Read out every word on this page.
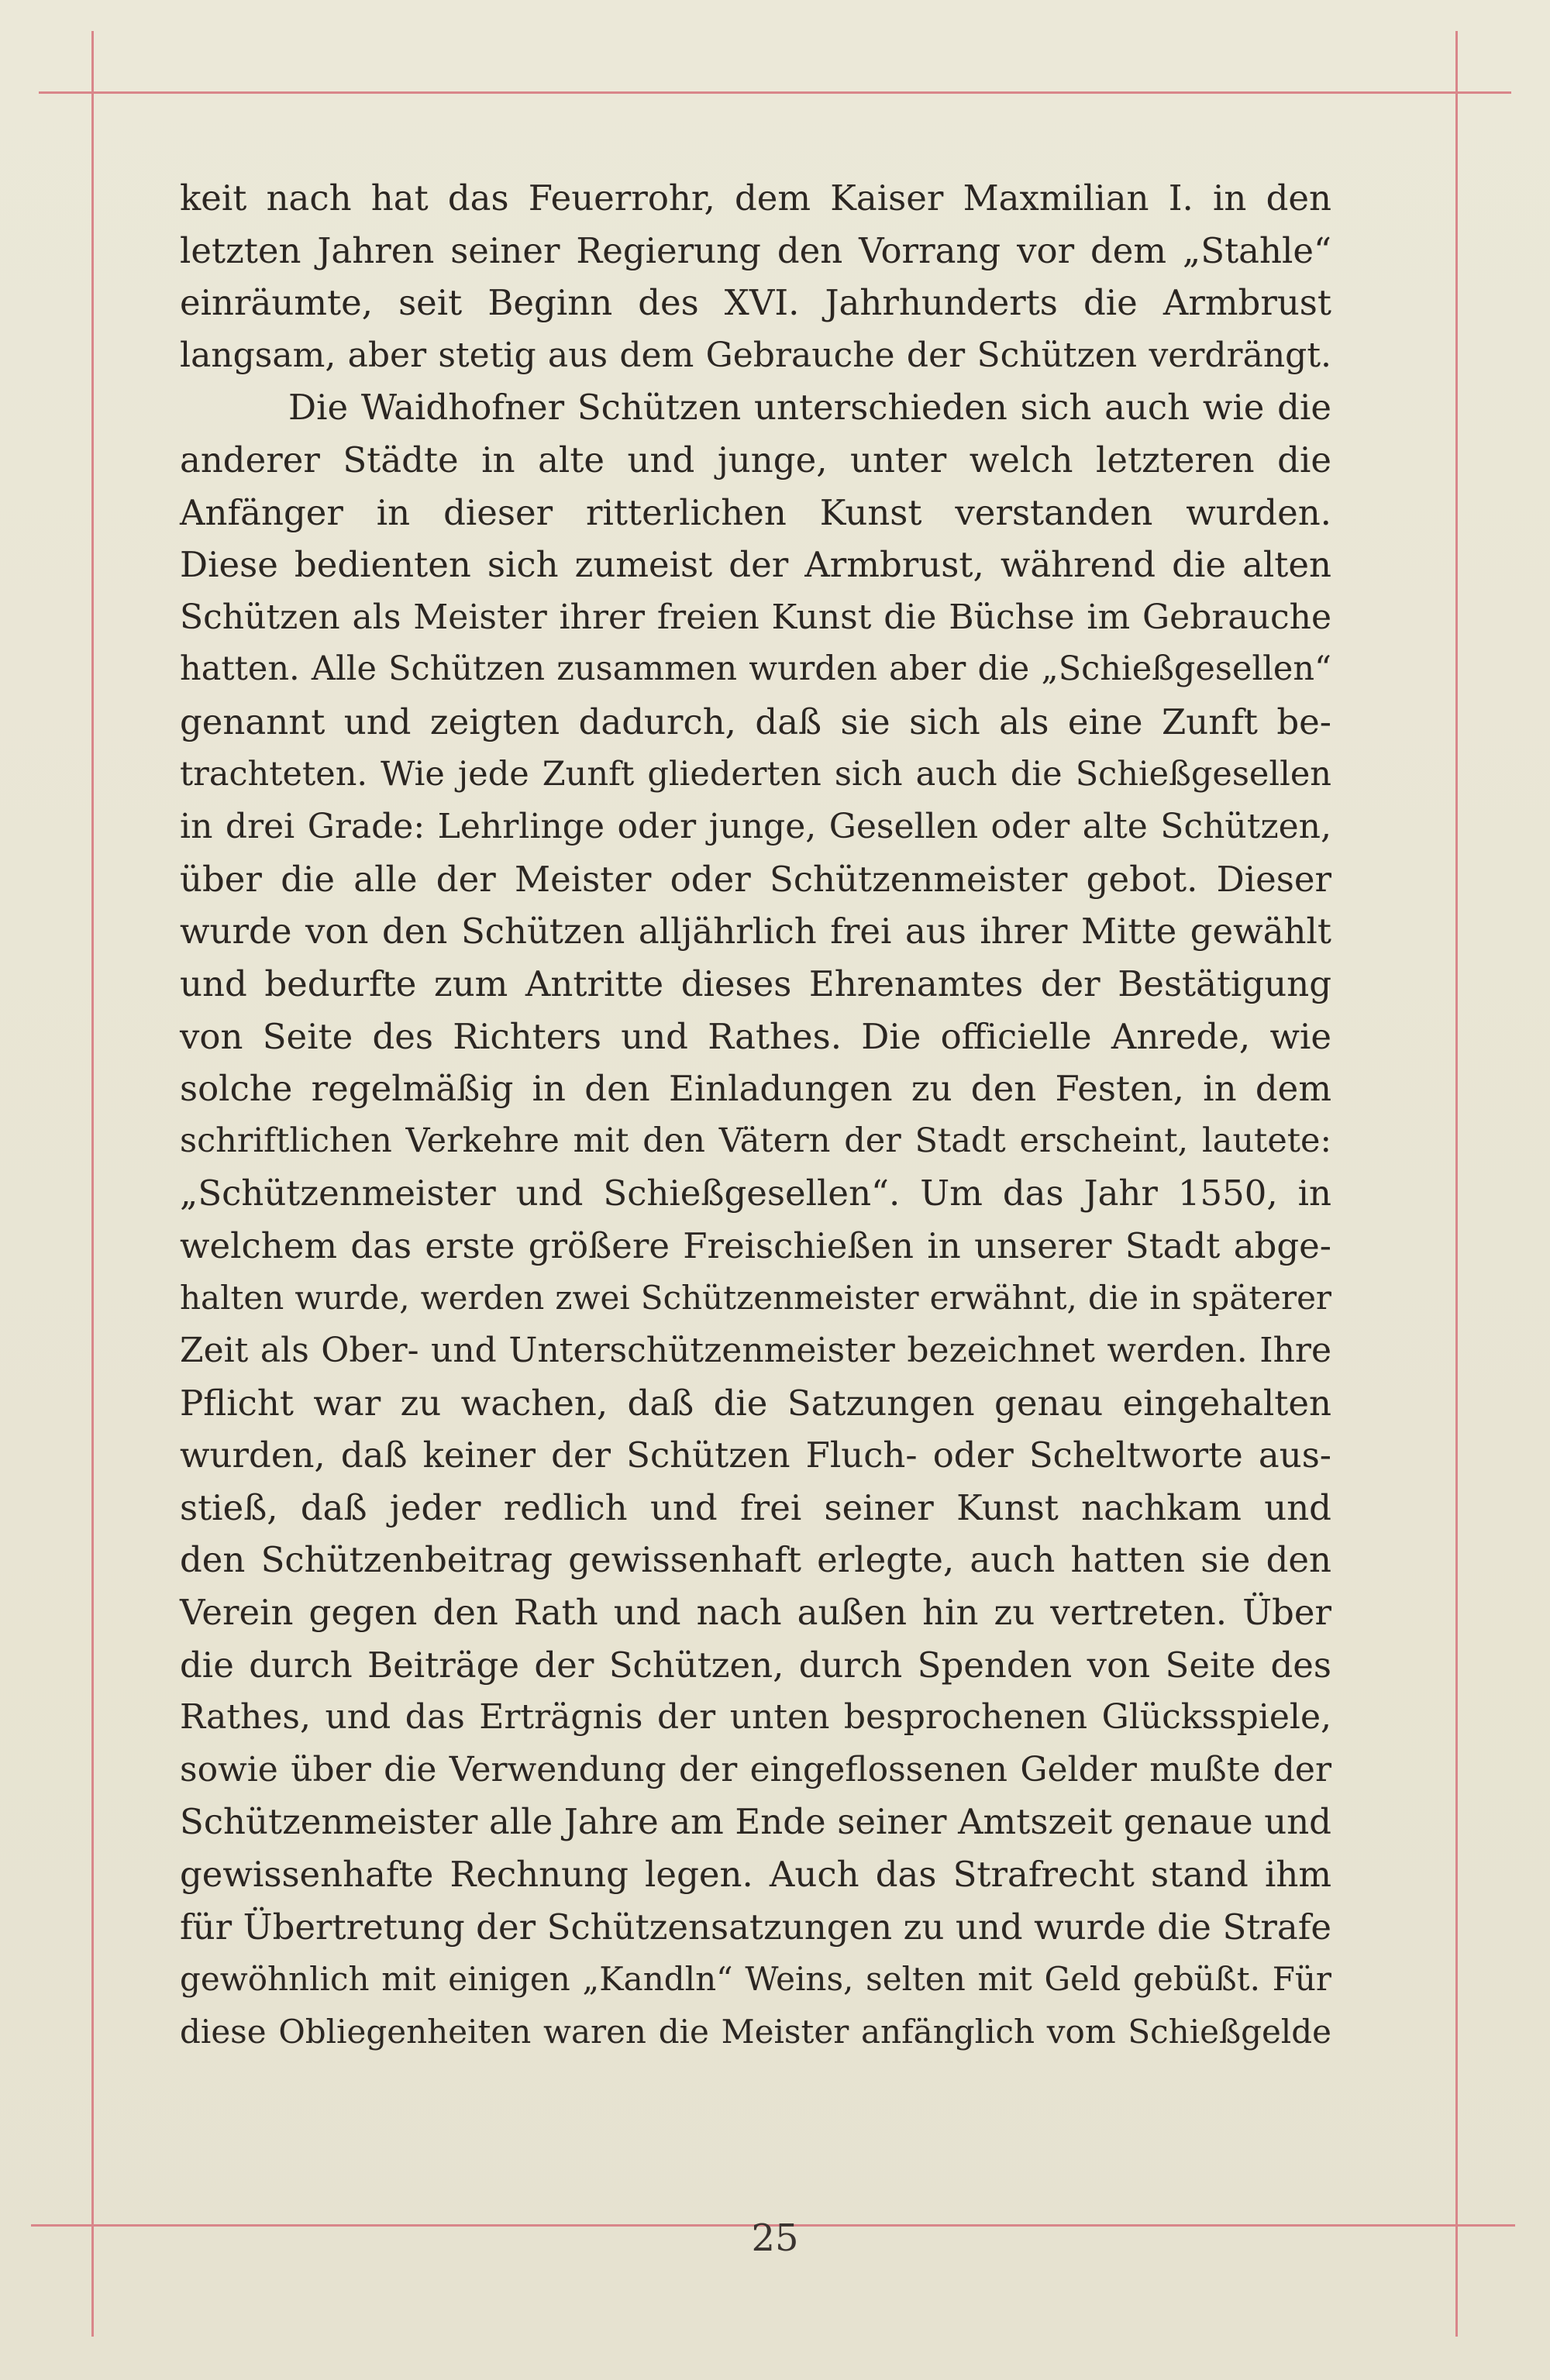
keit nach hat das Feuerrohr, dem Kaiser Maxmilian I. in den
letzten Jahren seiner Regierung den Vorrang vor dem „Stahle“
einräumte, seit Beginn des XVI. Jahrhunderts die Armbrust
langsam, aber stetig aus dem Gebrauche der Schützen verdrängt.
Die Waidhofner Schützen unterschieden sich auch wie die
anderer Städte in alte und junge, unter welch letzteren die
Anfänger in dieser ritterlichen Kunst verstanden wurden.
Diese bedienten sich zumeist der Armbrust, während die alten
Schützen als Meister ihrer freien Kunst die Büchse im Gebrauche
hatten. Alle Schützen zusammen wurden aber die „Schießgesellen“
genannt und zeigten dadurch, daß sie sich als eine Zunft be-
trachteten. Wie jede Zunft gliederten sich auch die Schießgesellen
in drei Grade: Lehrlinge oder junge, Gesellen oder alte Schützen,
über die alle der Meister oder Schützenmeister gebot. Dieser
wurde von den Schützen alljährlich frei aus ihrer Mitte gewählt
und bedurfte zum Antritte dieses Ehrenamtes der Bestätigung
von Seite des Richters und Rathes. Die officielle Anrede, wie
solche regelmäßig in den Einladungen zu den Festen, in dem
schriftlichen Verkehre mit den Vätern der Stadt erscheint, lautete:
„Schützenmeister und Schießgesellen“. Um das Jahr 1550, in
welchem das erste größere Freischießen in unserer Stadt abge-
halten wurde, werden zwei Schützenmeister erwähnt, die in späterer
Zeit als Ober- und Unterschützenmeister bezeichnet werden. Ihre
Pflicht war zu wachen, daß die Satzungen genau eingehalten
wurden, daß keiner der Schützen Fluch- oder Scheltworte aus-
stieß, daß jeder redlich und frei seiner Kunst nachkam und
den Schützenbeitrag gewissenhaft erlegte, auch hatten sie den
Verein gegen den Rath und nach außen hin zu vertreten. Über
die durch Beiträge der Schützen, durch Spenden von Seite des
Rathes, und das Erträgnis der unten besprochenen Glücksspiele,
sowie über die Verwendung der eingeflossenen Gelder mußte der
Schützenmeister alle Jahre am Ende seiner Amtszeit genaue und
gewissenhafte Rechnung legen. Auch das Strafrecht stand ihm
für Übertretung der Schützensatzungen zu und wurde die Strafe
gewöhnlich mit einigen „Kandln“ Weins, selten mit Geld gebüßt. Für
diese Obliegenheiten waren die Meister anfänglich vom Schießgelde
25
